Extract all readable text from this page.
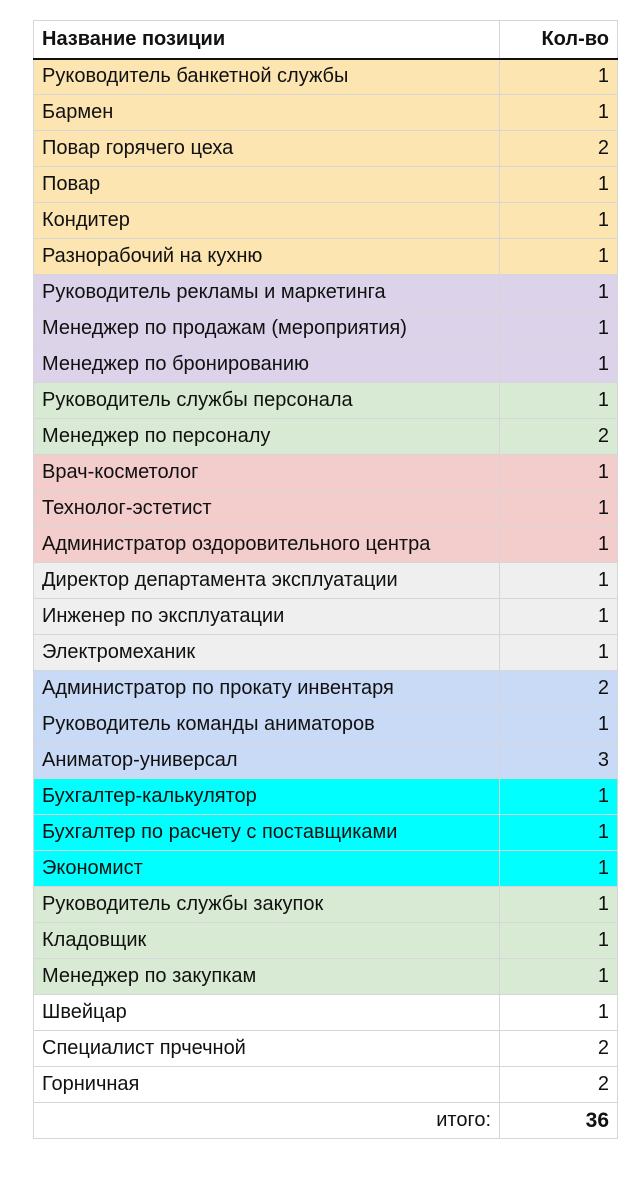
Название позиции	Кол-во
Руководитель банкетной службы	1
Бармен	1
Повар горячего цеха	2
Повар	1
Кондитер	1
Разнорабочий на кухню	1
Руководитель рекламы и маркетинга	1
Менеджер по продажам (мероприятия)	1
Менеджер по бронированию	1
Руководитель службы персонала	1
Менеджер по персоналу	2
Врач-косметолог	1
Технолог-эстетист	1
Администратор оздоровительного центра	1
Директор департамента эксплуатации	1
Инженер по эксплуатации	1
Электромеханик	1
Администратор по прокату инвентаря	2
Руководитель команды аниматоров	1
Аниматор-универсал	3
Бухгалтер-калькулятор	1
Бухгалтер по расчету с поставщиками	1
Экономист	1
Руководитель службы закупок	1
Кладовщик	1
Менеджер по закупкам	1
Швейцар	1
Специалист прчечной	2
Горничная	2
итого:	36
